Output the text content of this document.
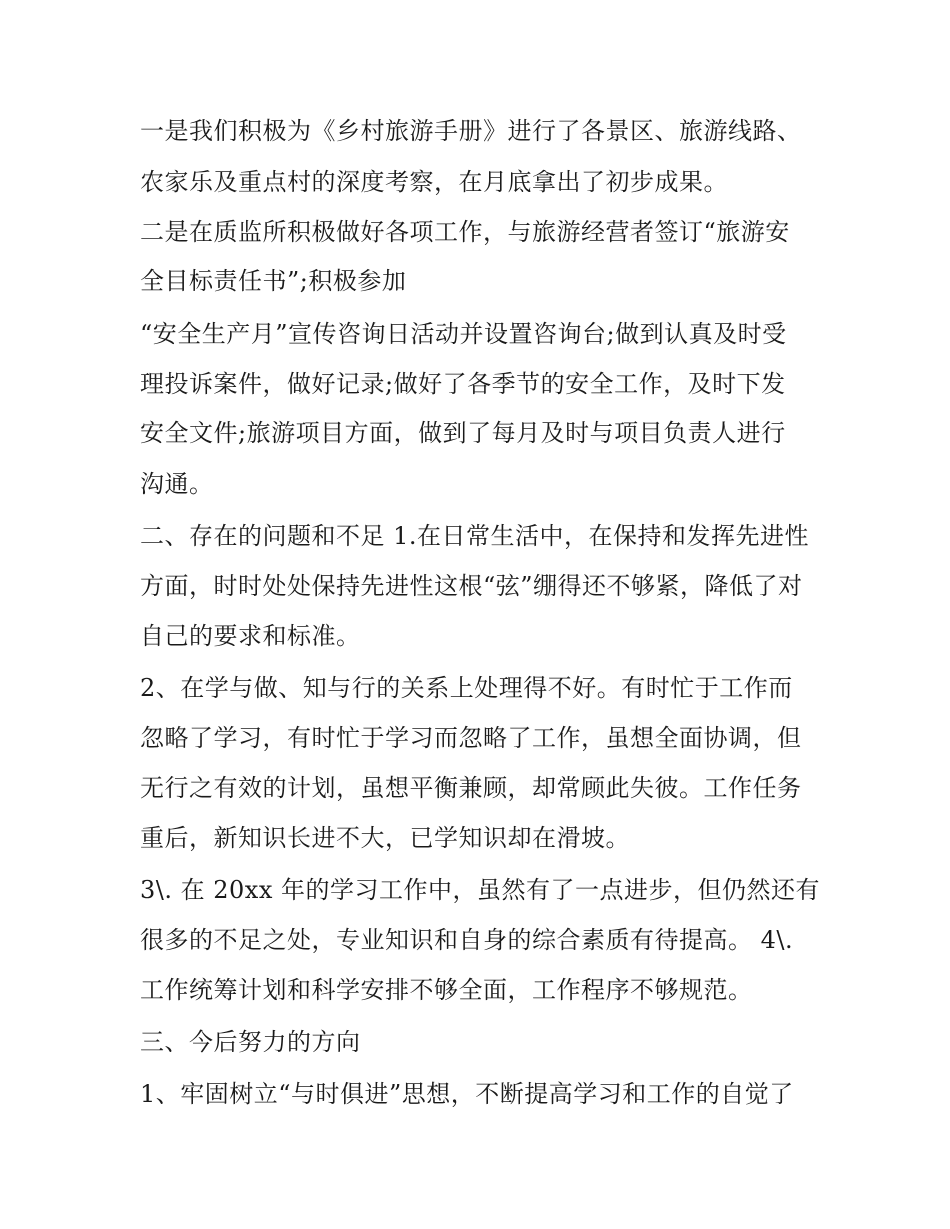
一是我们积极为《乡村旅游手册》进行了各景区、旅游线路、
农家乐及重点村的深度考察，在月底拿出了初步成果。
二是在质监所积极做好各项工作，与旅游经营者签订“旅游安
全目标责任书”;积极参加
“安全生产月”宣传咨询日活动并设置咨询台;做到认真及时受
理投诉案件，做好记录;做好了各季节的安全工作，及时下发
安全文件;旅游项目方面，做到了每月及时与项目负责人进行
沟通。
二、存在的问题和不足 1.在日常生活中，在保持和发挥先进性
方面，时时处处保持先进性这根“弦”绷得还不够紧，降低了对
自己的要求和标准。
2、在学与做、知与行的关系上处理得不好。有时忙于工作而
忽略了学习，有时忙于学习而忽略了工作，虽想全面协调，但
无行之有效的计划，虽想平衡兼顾，却常顾此失彼。工作任务
重后，新知识长进不大，已学知识却在滑坡。
3\. 在 20xx 年的学习工作中，虽然有了一点进步，但仍然还有
很多的不足之处，专业知识和自身的综合素质有待提高。 4\.
工作统筹计划和科学安排不够全面，工作程序不够规范。
三、今后努力的方向
1、牢固树立“与时俱进”思想，不断提高学习和工作的自觉了
